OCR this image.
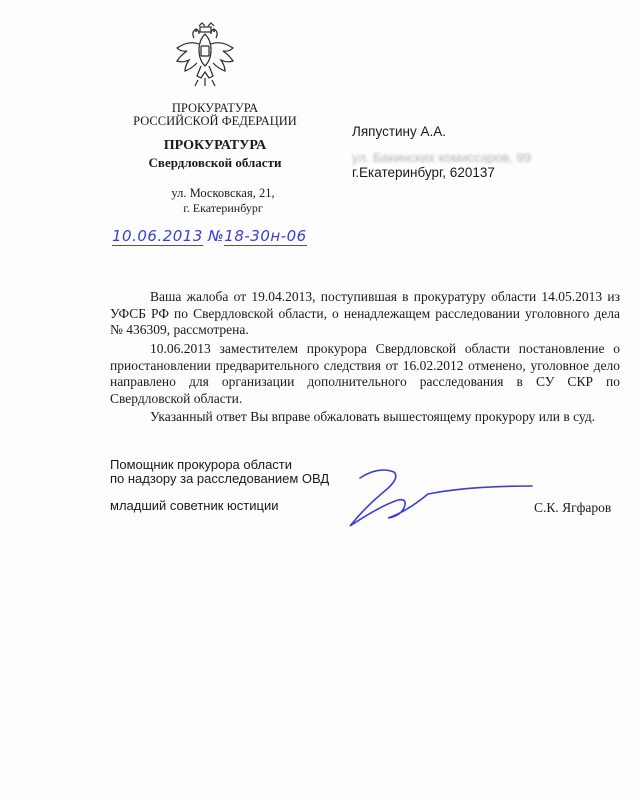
ПРОКУРАТУРА
РОССИЙСКОЙ ФЕДЕРАЦИИ
ПРОКУРАТУРА
Свердловской области
ул. Московская, 21,
г. Екатеринбург
10.06.2013 №18-30н-06
Ляпустину А.А.
ул. Бакинских комиссаров, 99
г.Екатеринбург, 620137
Ваша жалоба от 19.04.2013, поступившая в прокуратуру области 14.05.2013 из УФСБ РФ по Свердловской области, о ненадлежащем расследовании уголовного дела № 436309, рассмотрена.
10.06.2013 заместителем прокурора Свердловской области постановление о приостановлении предварительного следствия от 16.02.2012 отменено, уголовное дело направлено для организации дополнительного расследования в СУ СКР по Свердловской области.
Указанный ответ Вы вправе обжаловать вышестоящему прокурору или в суд.
Помощник прокурора области
по надзору за расследованием ОВД
младший советник юстиции	С.К. Ягфаров
